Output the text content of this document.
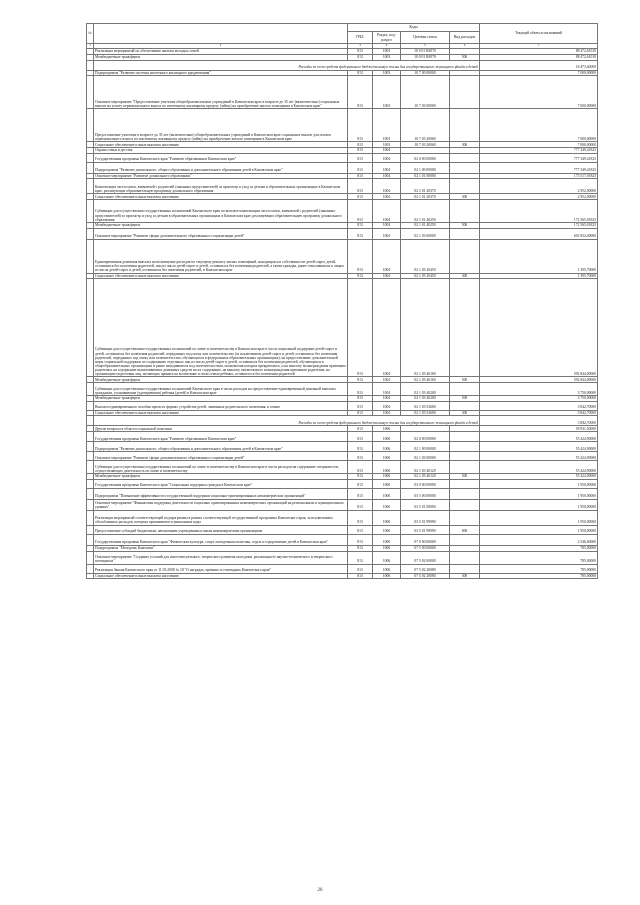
№		Коды				Текущий объем ассигнований
		ГРБС	Раздел, под-раздел	Целевая статья	Вид расходов	
1	2	3	4	5	6	7
	Реализация мероприятий по обеспечению жильем молодых семей	813	1003	10 0 01 R4970		88 472,61010
	Межбюджетные трансферты	813	1003	10 0 01 R4970	500	88 472,61010
	Расходы за счет средств федерального бюджета выкуп жилья для государственного жилищного фонда и детей					16 473,60000
	Подпрограмма "Развитие системы ипотечного жилищного кредитования"	813	1003	10 7 00 00000		7 000,00000
	Основное мероприятие "Предоставление учителям общеобразовательных учреждений в Камчатском крае в возрасте до 35 лет (включительно) социальных выплат на уплату первоначального взноса по ипотечному жилищному кредиту (займу) на приобретение жилого помещения в Камчатском крае"	813	1003	10 7 03 00000		7 000,00000
	Предоставление учителям в возрасте до 35 лет (включительно) общеобразовательных учреждений в Камчатском крае социальных выплат для оплаты первоначального взноса по ипотечному жилищному кредиту (займу) на приобретение жилого помещения в Камчатском крае	813	1003	10 7 03 20060		7 000,00000
	Социальное обеспечение и иные выплаты населению	813	1003	10 7 03 20060	300	7 000,00000
	Охрана семьи и детства	813	1004			777 349,41823
	Государственная программа Камчатского края "Развитие образования в Камчатском крае"	813	1004	02 0 00 00000		777 349,41823
	Подпрограмма "Развитие дошкольного, общего образования и дополнительного образования детей в Камчатском крае"	813	1004	02 1 00 00000		777 349,41823
	Основное мероприятие "Развитие дошкольного образования"	813	1004	02 1 01 00000		175 517,01823
	Компенсация части платы, взимаемой с родителей (законных представителей) за присмотр и уход за детьми в образовательных организациях в Камчатском крае, реализующих образовательную программу дошкольного образования	813	1004	02 1 01 20370		2 952,00000
	Социальное обеспечение и иные выплаты населению	813	1004	02 1 01 20370	300	2 952,00000
	Субвенции для осуществления государственных полномочий Камчатского края по выплате компенсации части платы, взимаемой с родителей (законных представителей) за присмотр и уход за детьми в образовательных организациях в Камчатском крае, реализующих образовательную программу дошкольного образования	813	1004	02 1 01 40250		172 565,01823
	Межбюджетные трансферты	813	1004	02 1 01 40250	500	172 565,01823
	Основное мероприятие "Развитие сферы дополнительного образования и социализации детей"	813	1004	02 1 03 00000		601 832,40000
	Единовременная денежная выплата на возмещение расходов по текущему ремонту жилых помещений, находящихся в собственности детей-сирот, детей, оставшихся без попечения родителей, лиц из числа детей-сирот и детей, оставшихся без попечения родителей, а также граждан, ранее относившихся к лицам из числа детей-сирот и детей, оставшихся без попечения родителей, в Камчатском крае	813	1004	02 1 03 20450		1 395,70000
	Социальное обеспечение и иные выплаты населению	813	1004	02 1 03 20450	300	1 395,70000
	Субвенции для осуществления государственных полномочий по опеке и попечительству в Камчатском крае в части социальной поддержки детей-сирот и детей, оставшихся без попечения родителей, переданных под опеку или попечительство (за исключением детей-сирот и детей, оставшихся без попечения родителей, переданных под опеку или попечительство, обучающихся в федеральных образовательных организациях), на предоставление дополнительной меры социальной поддержки по содержанию отдельных лиц из числа детей-сирот и детей, оставшихся без попечения родителей, обучающихся в общеобразовательных организациях и ранее находившихся под попечительством, полномочия которых прекратились, и на выплату вознаграждения приемным родителям, на содержание выплачиваемых денежных средств на их содержание, на выплату ежемесячного вознаграждения приемным родителям, на организацию подготовки лиц, желающих принять на воспитание в свою семью ребенка, оставшегося без попечения родителей	813	1004	02 1 03 40160		592 844,00000
	Межбюджетные трансферты	813	1004	02 1 03 40160	500	592 844,00000
	Субвенции для осуществления государственных полномочий Камчатского края в части расходов на предоставление единовременной денежной выплаты гражданам, усыновившим (удочерившим) ребенка (детей) в Камчатском крае	813	1004	02 1 03 40200		3 750,00000
	Межбюджетные трансферты	813	1004	02 1 03 40200	500	3 750,00000
	Выплата единовременного пособия при всех формах устройства детей, лишенных родительского попечения, в семью	813	1004	02 1 03 52600		3 842,70000
	Социальное обеспечение и иные выплаты населению	813	1004	02 1 03 52600	300	3 842,70000
	Расходы за счет средств федерального бюджета выкуп жилья для государственного жилищного фонда и детей					3 842,70000
	Другие вопросы в области социальной политики	813	1006			59 931,50000
	Государственная программа Камчатского края "Развитие образования в Камчатском крае"	813	1006	02 0 00 00000		55 424,90000
	Подпрограмма "Развитие дошкольного, общего образования и дополнительного образования детей в Камчатском крае"	813	1006	02 1 00 00000		55 424,90000
	Основное мероприятие "Развитие сферы дополнительного образования и социализации детей"	813	1006	02 1 03 00000		55 424,90000
	Субвенции для осуществления государственных полномочий по опеке и попечительству в Камчатском крае в части расходов на содержание специалистов, осуществляющих деятельность по опеке и попечительству	813	1006	02 1 03 40120		55 424,90000
	Межбюджетные трансферты	813	1006	02 1 03 40120	500	55 424,90000
	Государственная программа Камчатского края "Социальная поддержка граждан в Камчатском крае"	813	1006	03 0 00 00000		1 950,00000
	Подпрограмма "Повышение эффективности государственной поддержки социально-ориентированных некоммерческих организаций"	813	1006	03 5 00 00000		1 950,00000
	Основное мероприятие "Финансовая поддержка деятельности социально ориентированных некоммерческих организаций на региональном и муниципальном уровнях"	813	1006	03 5 01 00000		1 950,00000
	Реализация мероприятий соответствующей подпрограммы в рамках соответствующей государственной программы Камчатского края, за исключением обособленных расходов, которым присваиваются уникальные коды	813	1006	03 5 01 99990		1 950,00000
	Предоставление субсидий бюджетным, автономным учреждениям и иным некоммерческим организациям	813	1006	03 5 01 99990	600	1 950,00000
	Государственная программа Камчатского края "Физическая культура, спорт, молодежная политика, отдых и оздоровление детей в Камчатском крае"	813	1006	07 0 00 00000		2 546,60000
	Подпрограмма "Молодежь Камчатки"	813	1006	07 5 00 00000		785,00000
	Основное мероприятие "Создание условий для интеллектуального, творческого развития молодежи, реализация ее научно-технического и творческого потенциала"	813	1006	07 5 02 00000		785,00000
	Реализация Закона Камчатского края от 11.03.2008 № 18 "О наградах, премиях и стипендиях Камчатского края"	813	1006	07 5 02 20080		785,00000
	Социальное обеспечение и иные выплаты населению	813	1006	07 5 02 20080	300	785,00000
26
